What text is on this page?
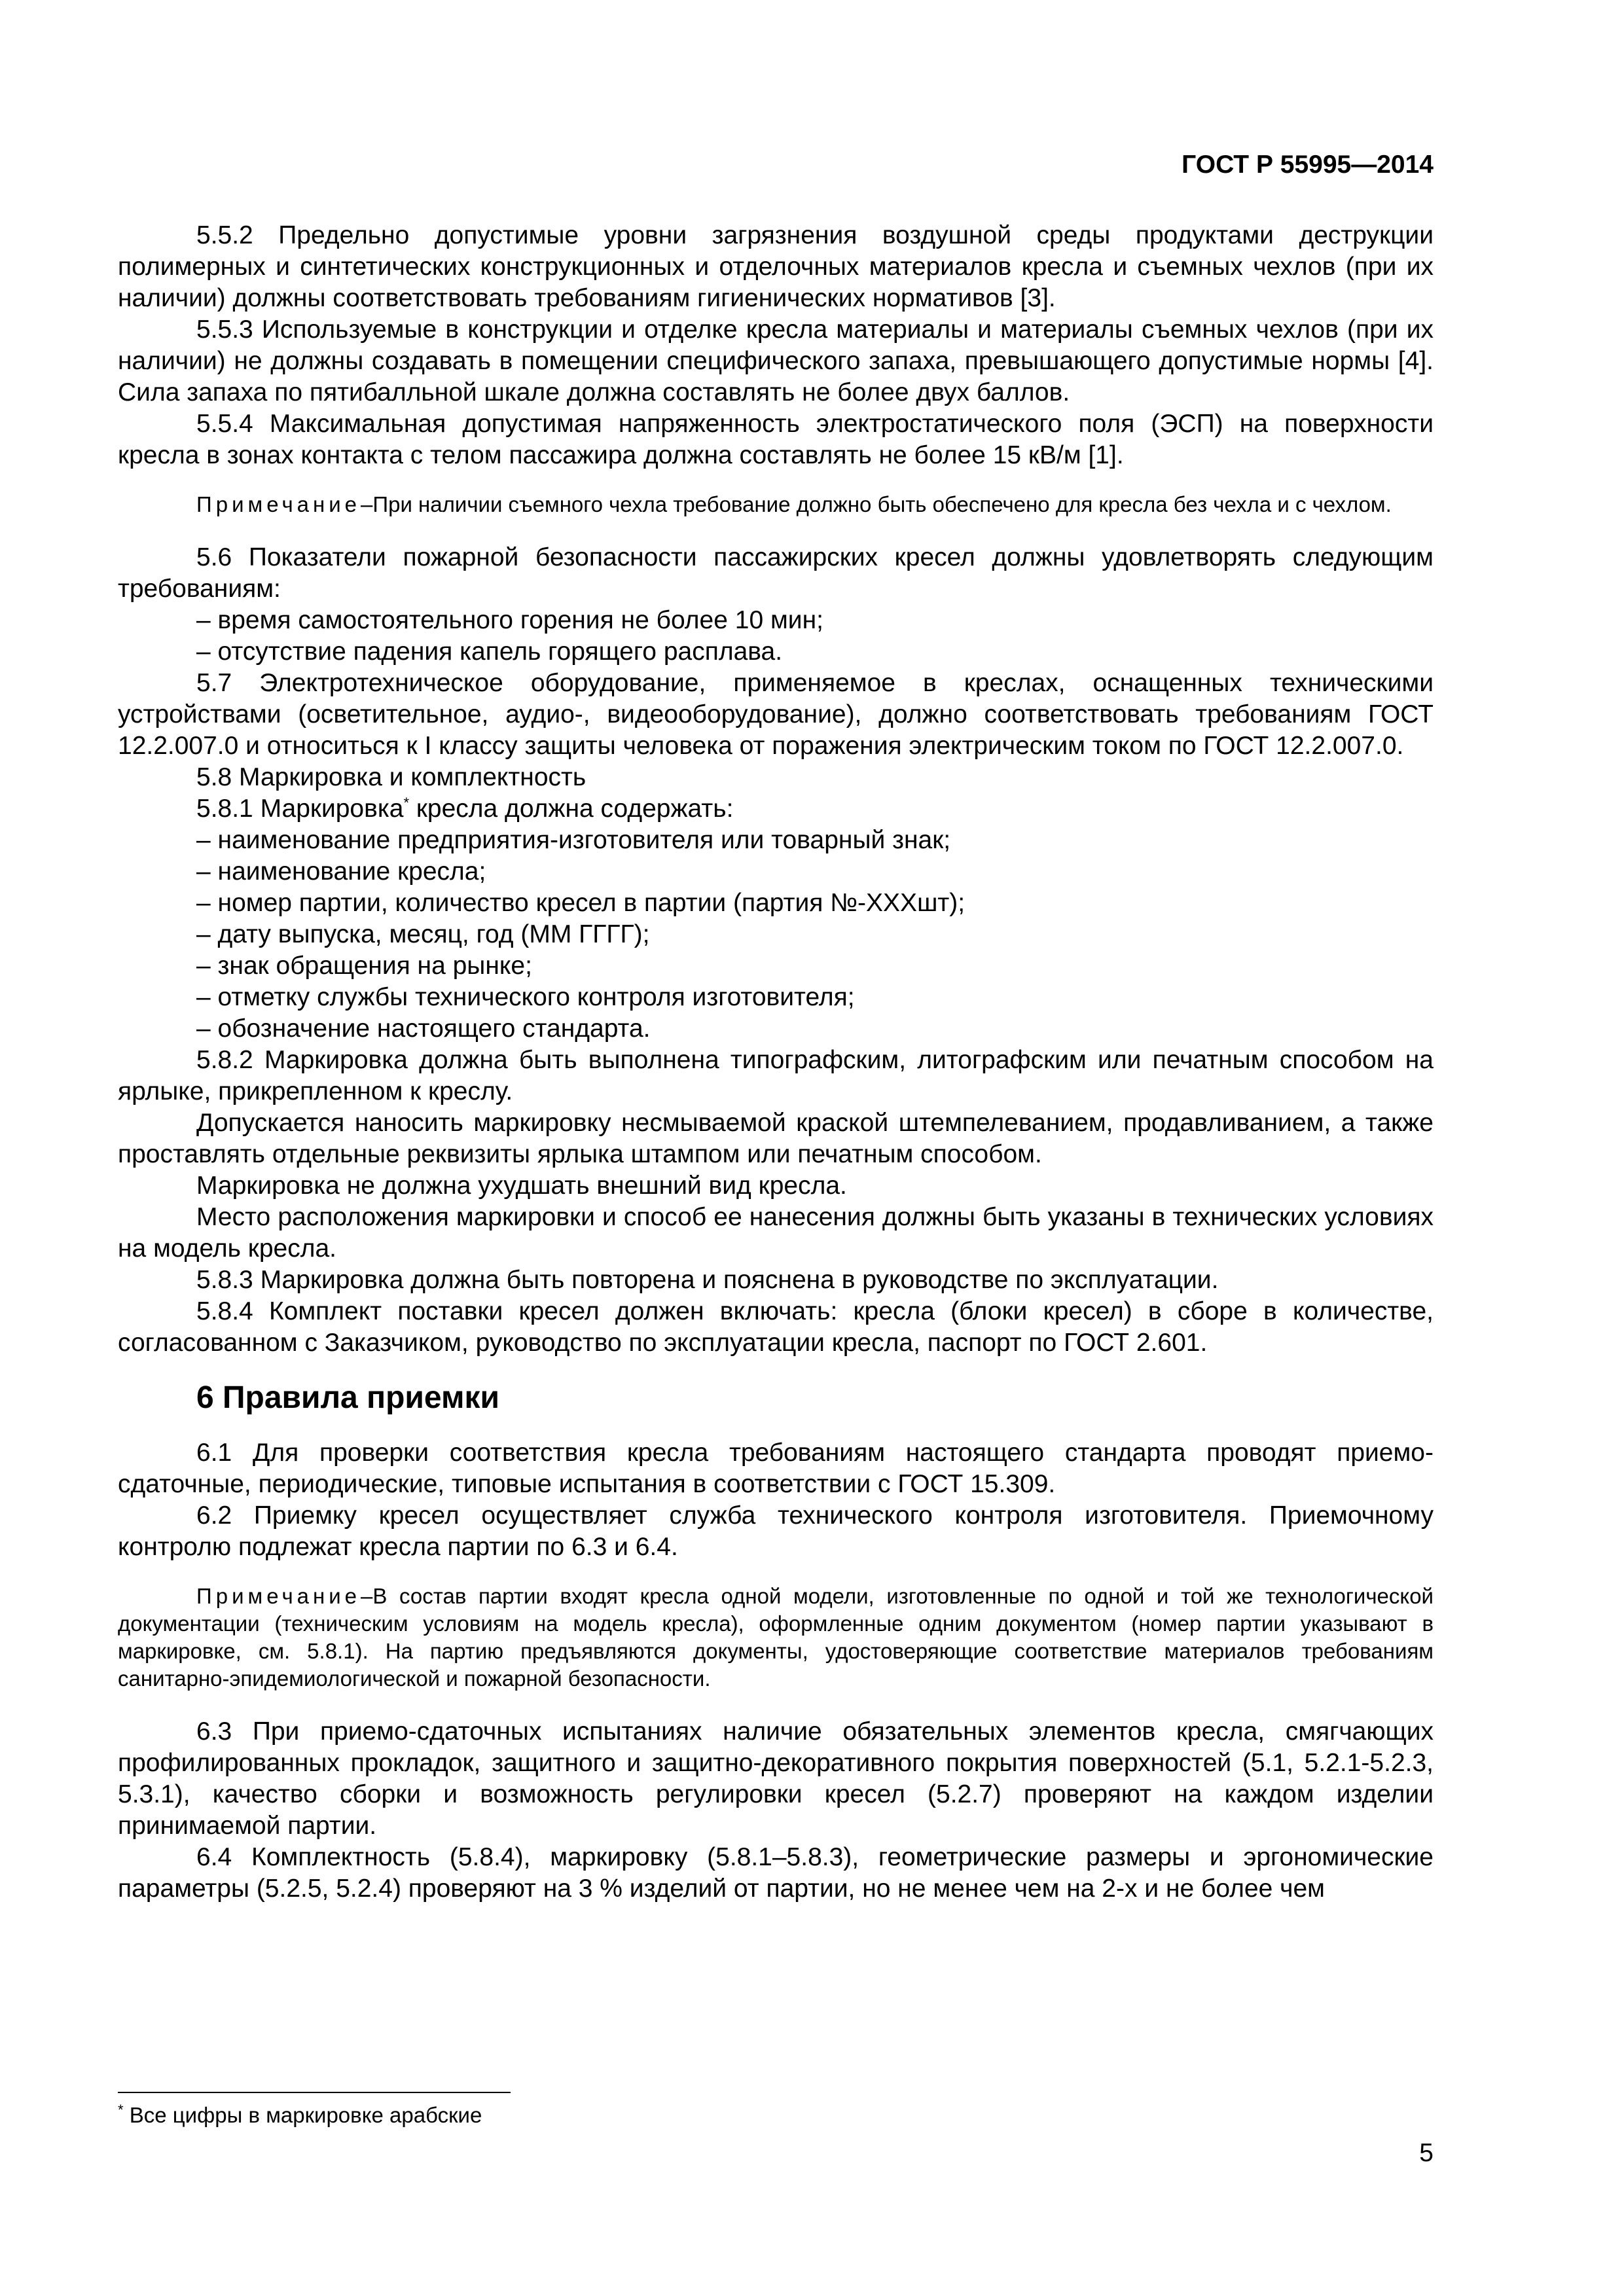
ГОСТ Р 55995—2014

5.5.2 Предельно допустимые уровни загрязнения воздушной среды продуктами деструкции полимерных и синтетических конструкционных и отделочных материалов кресла и съемных чехлов (при их наличии) должны соответствовать требованиям гигиенических нормативов [3].

5.5.3 Используемые в конструкции и отделке кресла материалы и материалы съемных чехлов (при их наличии) не должны создавать в помещении специфического запаха, превышающего допустимые нормы [4]. Сила запаха по пятибалльной шкале должна составлять не более двух баллов.

5.5.4 Максимальная допустимая напряженность электростатического поля (ЭСП) на поверхности кресла в зонах контакта с телом пассажира должна составлять не более 15 кВ/м [1].

Примечание–При наличии съемного чехла требование должно быть обеспечено для кресла без чехла и с чехлом.

5.6 Показатели пожарной безопасности пассажирских кресел должны удовлетворять следующим требованиям:

– время самостоятельного горения не более 10 мин;

– отсутствие падения капель горящего расплава.

5.7 Электротехническое оборудование, применяемое в креслах, оснащенных техническими устройствами (осветительное, аудио-, видеооборудование), должно соответствовать требованиям ГОСТ 12.2.007.0 и относиться к I классу защиты человека от поражения электрическим током по ГОСТ 12.2.007.0.

5.8 Маркировка и комплектность

5.8.1 Маркировка* кресла должна содержать:

– наименование предприятия-изготовителя или товарный знак;

– наименование кресла;

– номер партии, количество кресел в партии (партия №-XXXшт);

– дату выпуска, месяц, год (ММ ГГГГ);

– знак обращения на рынке;

– отметку службы технического контроля изготовителя;

– обозначение настоящего стандарта.

5.8.2 Маркировка должна быть выполнена типографским, литографским или печатным способом на ярлыке, прикрепленном к креслу.

Допускается наносить маркировку несмываемой краской штемпелеванием, продавливанием, а также проставлять отдельные реквизиты ярлыка штампом или печатным способом.

Маркировка не должна ухудшать внешний вид кресла.

Место расположения маркировки и способ ее нанесения должны быть указаны в технических условиях на модель кресла.

5.8.3 Маркировка должна быть повторена и пояснена в руководстве по эксплуатации.

5.8.4 Комплект поставки кресел должен включать: кресла (блоки кресел) в сборе в количестве, согласованном с Заказчиком, руководство по эксплуатации кресла, паспорт по ГОСТ 2.601.

6 Правила приемки

6.1 Для проверки соответствия кресла требованиям настоящего стандарта проводят приемо-сдаточные, периодические, типовые испытания в соответствии с ГОСТ 15.309.

6.2 Приемку кресел осуществляет служба технического контроля изготовителя. Приемочному контролю подлежат кресла партии по 6.3 и 6.4.

Примечание–В состав партии входят кресла одной модели, изготовленные по одной и той же технологической документации (техническим условиям на модель кресла), оформленные одним документом (номер партии указывают в маркировке, см. 5.8.1). На партию предъявляются документы, удостоверяющие соответствие материалов требованиям санитарно-эпидемиологической и пожарной безопасности.

6.3 При приемо-сдаточных испытаниях наличие обязательных элементов кресла, смягчающих профилированных прокладок, защитного и защитно-декоративного покрытия поверхностей (5.1, 5.2.1-5.2.3, 5.3.1), качество сборки и возможность регулировки кресел (5.2.7) проверяют на каждом изделии принимаемой партии.

6.4 Комплектность (5.8.4), маркировку (5.8.1–5.8.3), геометрические размеры и эргономические параметры (5.2.5, 5.2.4) проверяют на 3 % изделий от партии, но не менее чем на 2-х и не более чем

* Все цифры в маркировке арабские
5
